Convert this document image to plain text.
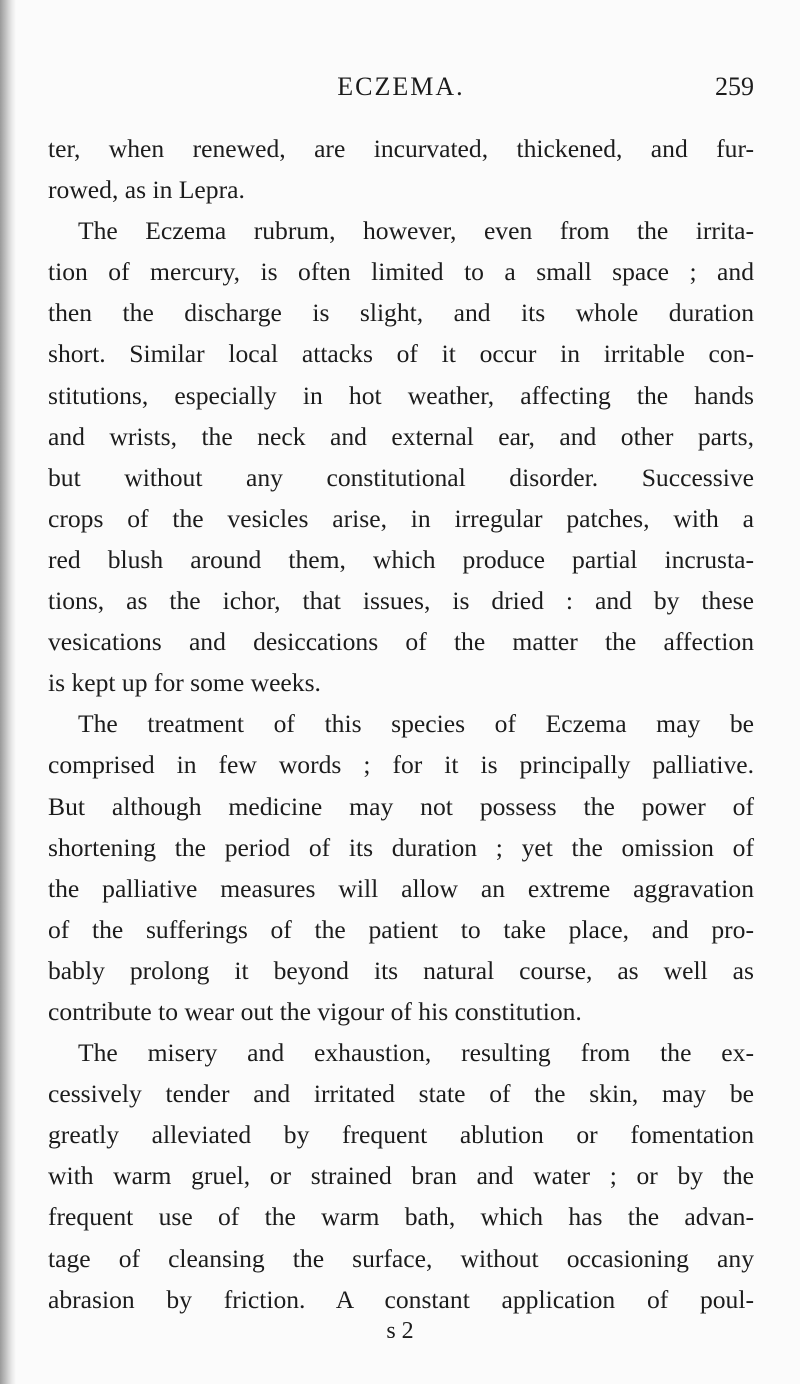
ECZEMA.	259
ter, when renewed, are incurvated, thickened, and fur-
rowed, as in Lepra.
The Eczema rubrum, however, even from the irrita-
tion of mercury, is often limited to a small space ; and
then the discharge is slight, and its whole duration
short. Similar local attacks of it occur in irritable con-
stitutions, especially in hot weather, affecting the hands
and wrists, the neck and external ear, and other parts,
but without any constitutional disorder. Successive
crops of the vesicles arise, in irregular patches, with a
red blush around them, which produce partial incrusta-
tions, as the ichor, that issues, is dried : and by these
vesications and desiccations of the matter the affection
is kept up for some weeks.
The treatment of this species of Eczema may be
comprised in few words ; for it is principally palliative.
But although medicine may not possess the power of
shortening the period of its duration ; yet the omission of
the palliative measures will allow an extreme aggravation
of the sufferings of the patient to take place, and pro-
bably prolong it beyond its natural course, as well as
contribute to wear out the vigour of his constitution.
The misery and exhaustion, resulting from the ex-
cessively tender and irritated state of the skin, may be
greatly alleviated by frequent ablution or fomentation
with warm gruel, or strained bran and water ; or by the
frequent use of the warm bath, which has the advan-
tage of cleansing the surface, without occasioning any
abrasion by friction. A constant application of poul-
s 2
